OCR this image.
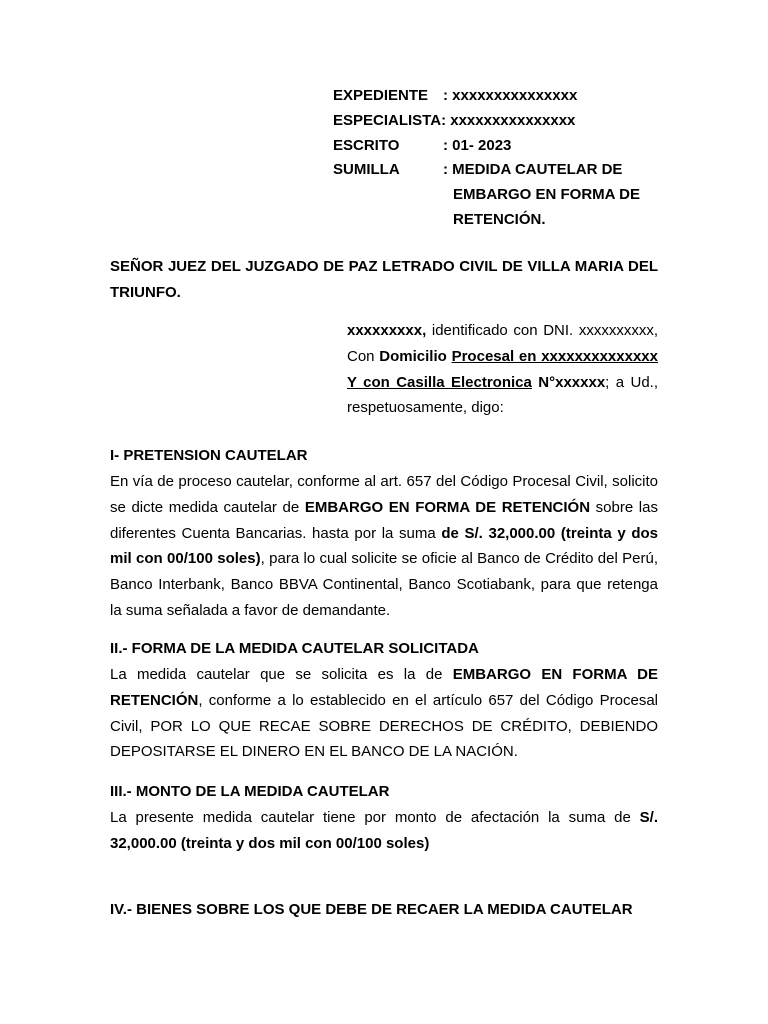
EXPEDIENTE : xxxxxxxxxxxxxxx
ESPECIALISTA : xxxxxxxxxxxxxxx
ESCRITO	: 01- 2023
SUMILLA	: MEDIDA CAUTELAR DE
EMBARGO EN FORMA DE
RETENCIÓN.
SEÑOR JUEZ DEL JUZGADO DE PAZ LETRADO CIVIL DE VILLA MARIA DEL TRIUNFO.
xxxxxxxxx, identificado con DNI. xxxxxxxxxx, Con Domicilio Procesal en xxxxxxxxxxxxxx Y con Casilla Electronica N°xxxxxx; a Ud., respetuosamente, digo:
I- PRETENSION CAUTELAR

En vía de proceso cautelar, conforme al art. 657 del Código Procesal Civil, solicito se dicte medida cautelar de EMBARGO EN FORMA DE RETENCIÓN sobre las diferentes Cuenta Bancarias. hasta por la suma de S/. 32,000.00 (treinta y dos mil con 00/100 soles), para lo cual solicite se oficie al Banco de Crédito del Perú, Banco Interbank, Banco BBVA Continental, Banco Scotiabank, para que retenga la suma señalada a favor de demandante.

II.- FORMA DE LA MEDIDA CAUTELAR SOLICITADA

La medida cautelar que se solicita es la de EMBARGO EN FORMA DE RETENCIÓN, conforme a lo establecido en el artículo 657 del Código Procesal Civil, POR LO QUE RECAE SOBRE DERECHOS DE CRÉDITO, DEBIENDO DEPOSITARSE EL DINERO EN EL BANCO DE LA NACIÓN.

III.- MONTO DE LA MEDIDA CAUTELAR

La presente medida cautelar tiene por monto de afectación la suma de S/. 32,000.00 (treinta y dos mil con 00/100 soles)

IV.- BIENES SOBRE LOS QUE DEBE DE RECAER LA MEDIDA CAUTELAR
